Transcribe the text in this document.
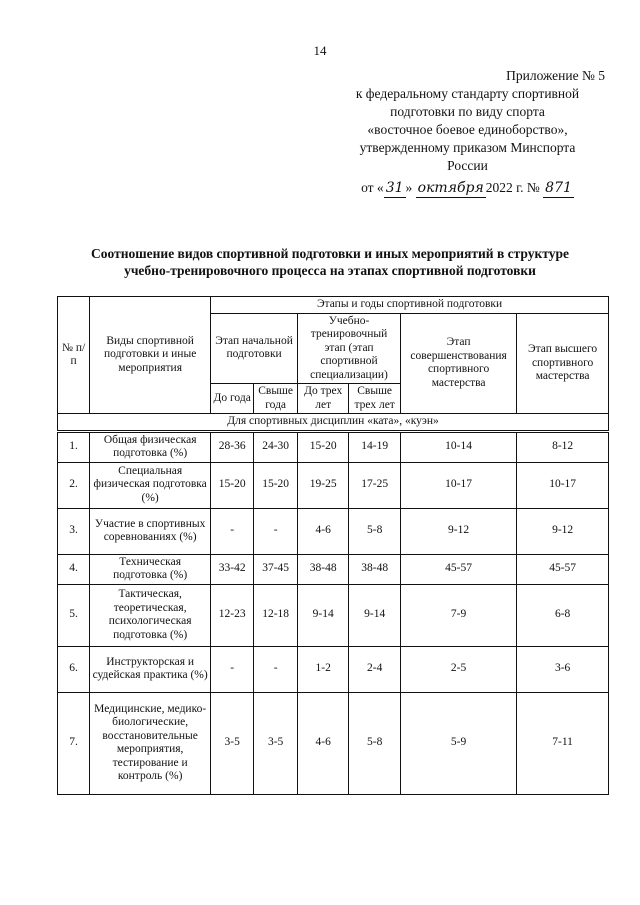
14
Приложение № 5
к федеральному стандарту спортивной
подготовки по виду спорта
«восточное боевое единоборство»,
утвержденному приказом Минспорта
России
от « 31 » октября 2022 г. № 871
Соотношение видов спортивной подготовки и иных мероприятий в структуре
учебно-тренировочного процесса на этапах спортивной подготовки
№ п/п	Виды спортивной подготовки и иные мероприятия	Этапы и годы спортивной подготовки					
		Этап начальной подготовки		Учебно-тренировочный этап (этап спортивной специализации)		Этап совершенствования спортивного мастерства	Этап высшего спортивного мастерства
		До года	Свыше года	До трех лет	Свыше трех лет		
Для спортивных дисциплин «ката», «куэн»							
1.	Общая физическая подготовка (%)	28-36	24-30	15-20	14-19	10-14	8-12
2.	Специальная физическая подготовка (%)	15-20	15-20	19-25	17-25	10-17	10-17
3.	Участие в спортивных соревнованиях (%)	-	-	4-6	5-8	9-12	9-12
4.	Техническая подготовка (%)	33-42	37-45	38-48	38-48	45-57	45-57
5.	Тактическая, теоретическая, психологическая подготовка (%)	12-23	12-18	9-14	9-14	7-9	6-8
6.	Инструкторская и судейская практика (%)	-	-	1-2	2-4	2-5	3-6
7.	Медицинские, медико-биологические, восстановительные мероприятия, тестирование и контроль (%)	3-5	3-5	4-6	5-8	5-9	7-11
